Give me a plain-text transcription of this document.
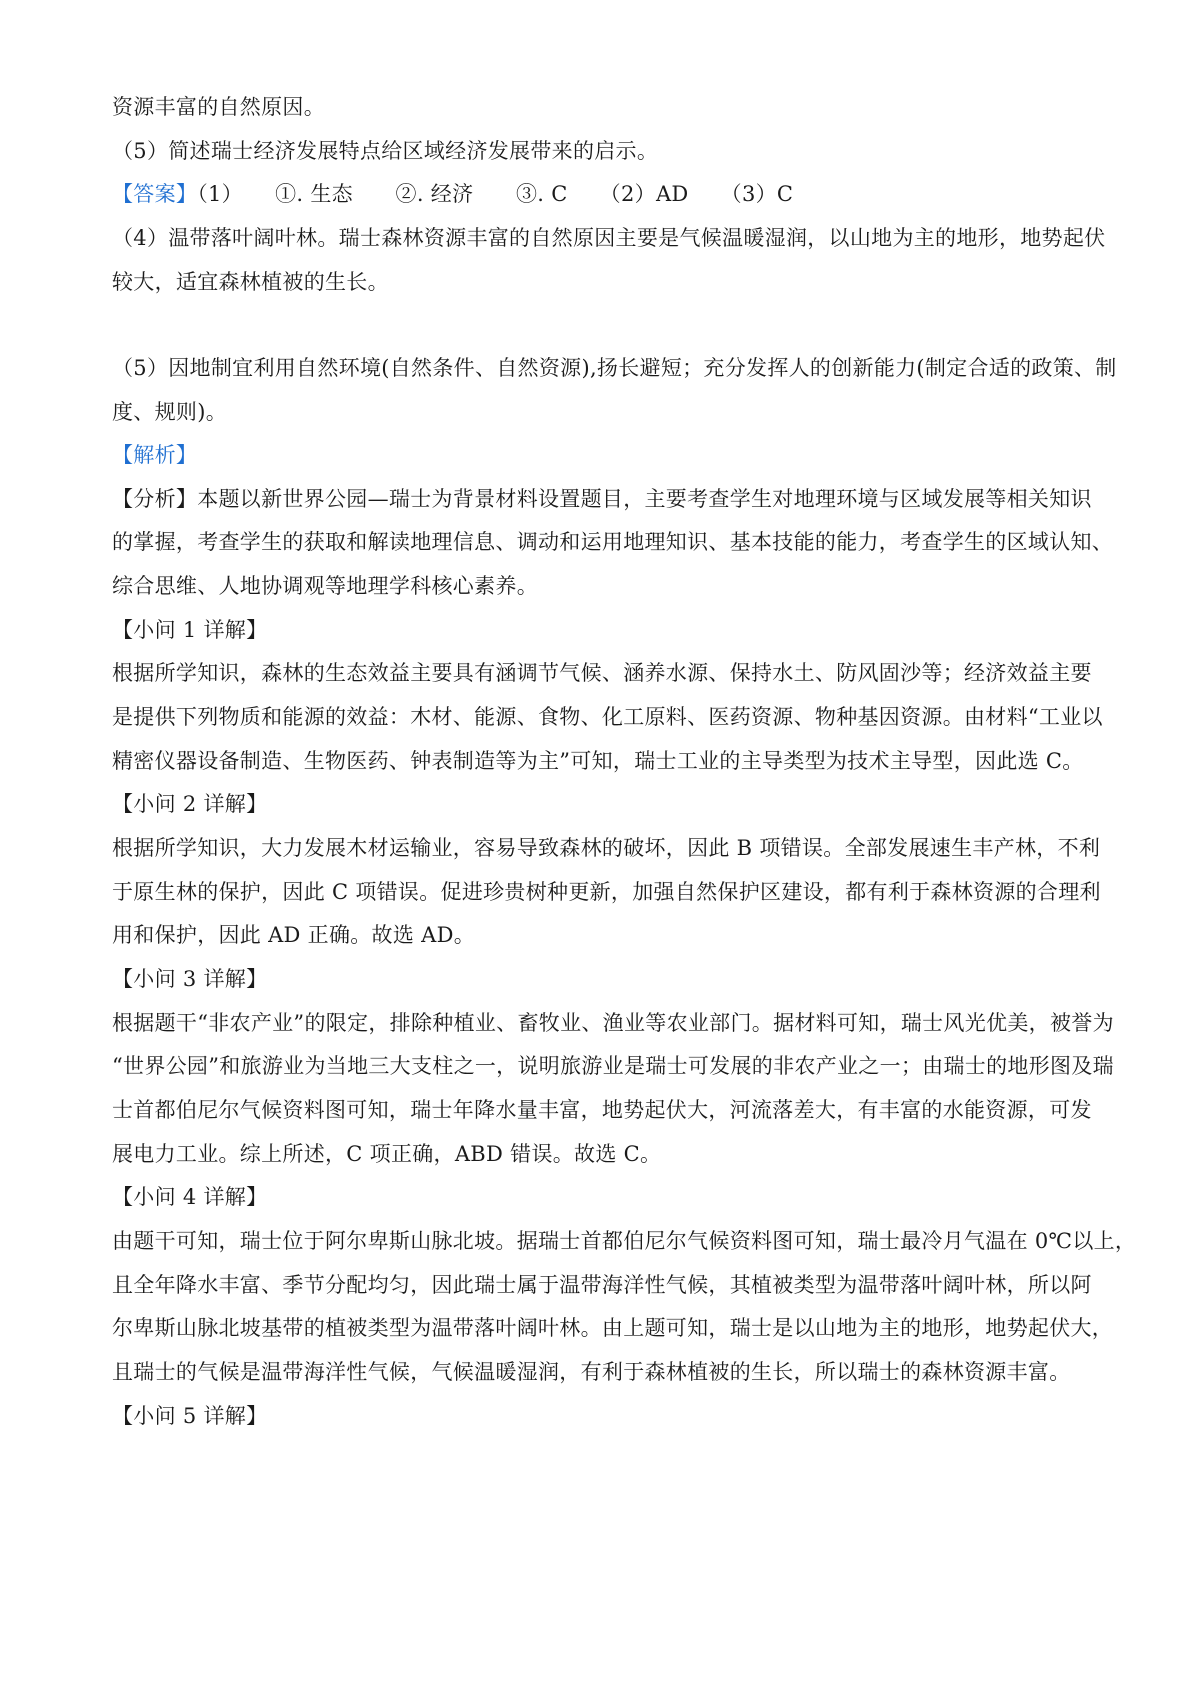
资源丰富的自然原因。
（5）简述瑞士经济发展特点给区域经济发展带来的启示。
【答案】（1）　　①. 生态　　②. 经济　　③. C　　（2）AD　　（3）C
（4）温带落叶阔叶林。瑞士森林资源丰富的自然原因主要是气候温暖湿润，以山地为主的地形，地势起伏
较大，适宜森林植被的生长。
（5）因地制宜利用自然环境(自然条件、自然资源),扬长避短；充分发挥人的创新能力(制定合适的政策、制
度、规则)。
【解析】
【分析】本题以新世界公园—瑞士为背景材料设置题目，主要考查学生对地理环境与区域发展等相关知识
的掌握，考查学生的获取和解读地理信息、调动和运用地理知识、基本技能的能力，考查学生的区域认知、
综合思维、人地协调观等地理学科核心素养。
【小问 1 详解】
根据所学知识，森林的生态效益主要具有涵调节气候、涵养水源、保持水土、防风固沙等；经济效益主要
是提供下列物质和能源的效益：木材、能源、食物、化工原料、医药资源、物种基因资源。由材料“工业以
精密仪器设备制造、生物医药、钟表制造等为主”可知，瑞士工业的主导类型为技术主导型，因此选 C。
【小问 2 详解】
根据所学知识，大力发展木材运输业，容易导致森林的破坏，因此 B 项错误。全部发展速生丰产林，不利
于原生林的保护，因此 C 项错误。促进珍贵树种更新，加强自然保护区建设，都有利于森林资源的合理利
用和保护，因此 AD 正确。故选 AD。
【小问 3 详解】
根据题干“非农产业”的限定，排除种植业、畜牧业、渔业等农业部门。据材料可知，瑞士风光优美，被誉为
“世界公园”和旅游业为当地三大支柱之一，说明旅游业是瑞士可发展的非农产业之一；由瑞士的地形图及瑞
士首都伯尼尔气候资料图可知，瑞士年降水量丰富，地势起伏大，河流落差大，有丰富的水能资源，可发
展电力工业。综上所述，C 项正确，ABD 错误。故选 C。
【小问 4 详解】
由题干可知，瑞士位于阿尔卑斯山脉北坡。据瑞士首都伯尼尔气候资料图可知，瑞士最冷月气温在 0℃以上，
且全年降水丰富、季节分配均匀，因此瑞士属于温带海洋性气候，其植被类型为温带落叶阔叶林，所以阿
尔卑斯山脉北坡基带的植被类型为温带落叶阔叶林。由上题可知，瑞士是以山地为主的地形，地势起伏大，
且瑞士的气候是温带海洋性气候，气候温暖湿润，有利于森林植被的生长，所以瑞士的森林资源丰富。
【小问 5 详解】
